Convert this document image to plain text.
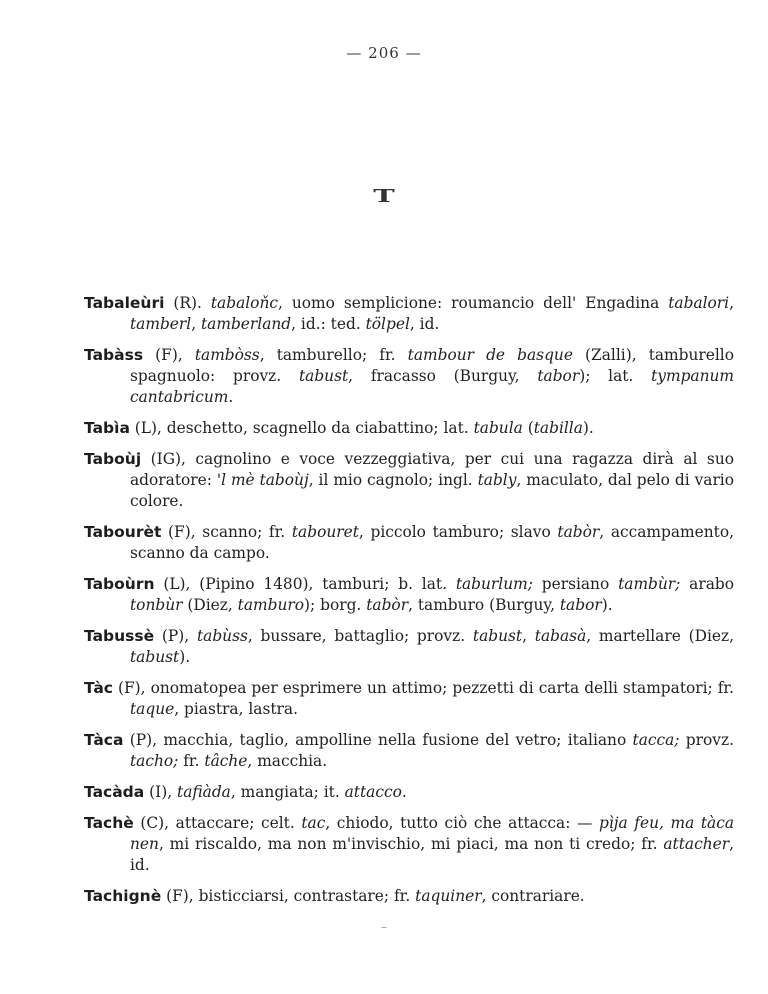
— 206 —
T

Tabaleùri (R). tabaloňc, uomo semplicione: roumancio dell' Engadina tabalori, tamberl, tamberland, id.: ted. tölpel, id.

Tabàss (F), tambòss, tamburello; fr. tambour de basque (Zalli), tamburello spagnuolo: provz. tabust, fracasso (Burguy, tabor); lat. tympanum cantabricum.

Tabìa (L), deschetto, scagnello da ciabattino; lat. tabula (tabilla).

Taboùj (IG), cagnolino e voce vezzeggiativa, per cui una ragazza dirà al suo adoratore: 'l mè taboùj, il mio cagnolo; ingl. tably, maculato, dal pelo di vario colore.

Tabourèt (F), scanno; fr. tabouret, piccolo tamburo; slavo tabòr, accampamento, scanno da campo.

Taboùrn (L), (Pipino 1480), tamburi; b. lat. taburlum; persiano tambùr; arabo tonbùr (Diez, tamburo); borg. tabòr, tamburo (Burguy, tabor).

Tabussè (P), tabùss, bussare, battaglio; provz. tabust, tabasà, martellare (Diez, tabust).

Tàc (F), onomatopea per esprimere un attimo; pezzetti di carta delli stampatori; fr. taque, piastra, lastra.

Tàca (P), macchia, taglio, ampolline nella fusione del vetro; italiano tacca; provz. tacho; fr. tâche, macchia.

Tacàda (I), tafiàda, mangiata; it. attacco.

Tachè (C), attaccare; celt. tac, chiodo, tutto ciò che attacca: — pìja feu, ma tàca nen, mi riscaldo, ma non m'invischio, mi piaci, ma non ti credo; fr. attacher, id.

Tachignè (F), bisticciarsi, contrastare; fr. taquiner, contrariare.

–
